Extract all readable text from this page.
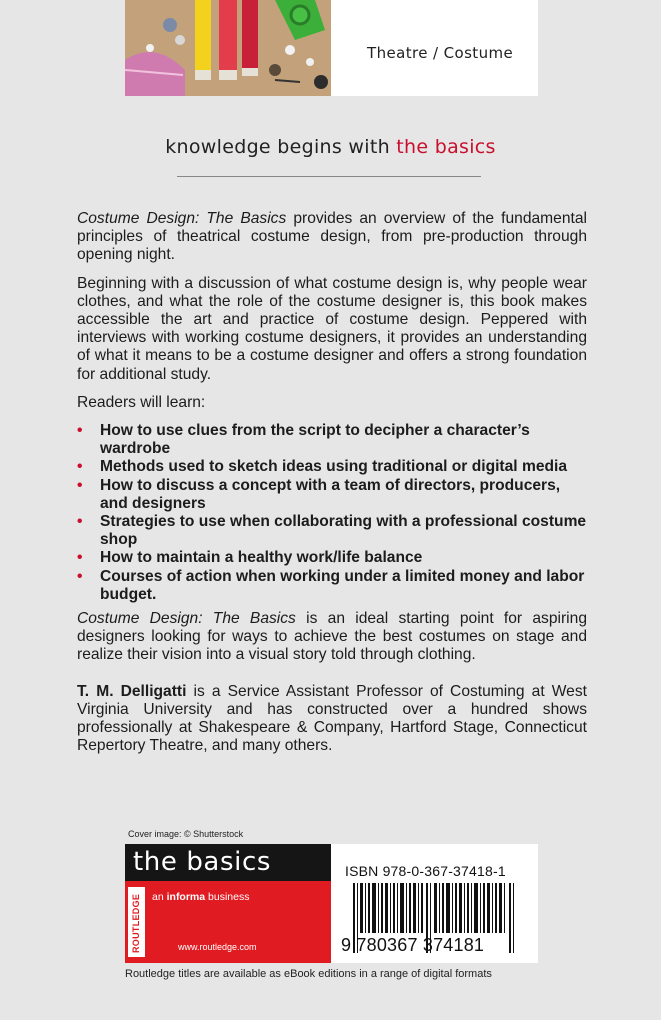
Theatre / Costume
knowledge begins with the basics

Costume Design: The Basics provides an overview of the fundamental principles of theatrical costume design, from pre-production through opening night.

Beginning with a discussion of what costume design is, why people wear clothes, and what the role of the costume designer is, this book makes accessible the art and practice of costume design. Peppered with interviews with working costume designers, it provides an understanding of what it means to be a costume designer and offers a strong foundation for additional study.

Readers will learn:

• How to use clues from the script to decipher a character’s wardrobe
• Methods used to sketch ideas using traditional or digital media
• How to discuss a concept with a team of directors, producers, and designers
• Strategies to use when collaborating with a professional costume shop
• How to maintain a healthy work/life balance
• Courses of action when working under a limited money and labor budget.

Costume Design: The Basics is an ideal starting point for aspiring designers looking for ways to achieve the best costumes on stage and realize their vision into a visual story told through clothing.

T. M. Delligatti is a Service Assistant Professor of Costuming at West Virginia University and has constructed over a hundred shows professionally at Shakespeare & Company, Hartford Stage, Connecticut Repertory Theatre, and many others.

Cover image: © Shutterstock
the basics
ROUTLEDGE an informa business
www.routledge.com
ISBN 978-0-367-37418-1
9 780367 374181
Routledge titles are available as eBook editions in a range of digital formats
